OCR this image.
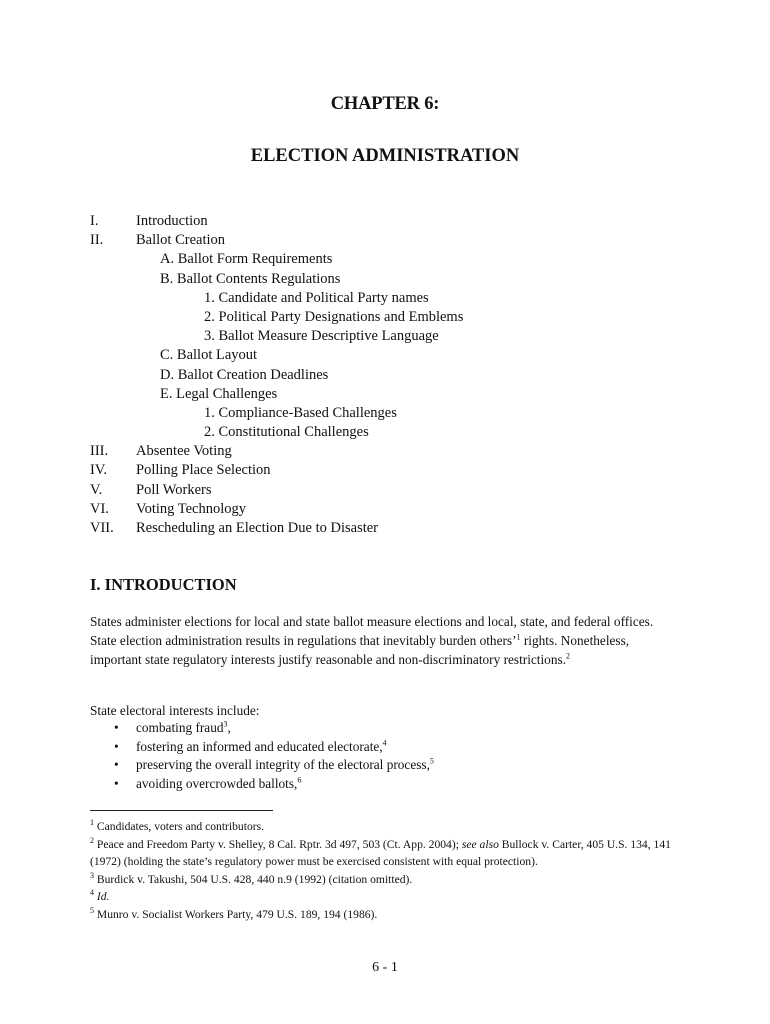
CHAPTER 6:
ELECTION ADMINISTRATION
I.	Introduction
II. Ballot Creation
A. Ballot Form Requirements
B. Ballot Contents Regulations
1. Candidate and Political Party names
2. Political Party Designations and Emblems
3. Ballot Measure Descriptive Language
C. Ballot Layout
D. Ballot Creation Deadlines
E. Legal Challenges
1. Compliance-Based Challenges
2. Constitutional Challenges
III. Absentee Voting
IV. Polling Place Selection
V. Poll Workers
VI. Voting Technology
VII. Rescheduling an Election Due to Disaster
I. INTRODUCTION

States administer elections for local and state ballot measure elections and local, state, and federal offices. State election administration results in regulations that inevitably burden others’$^1$ rights. Nonetheless, important state regulatory interests justify reasonable and non-discriminatory restrictions.$^2$

State electoral interests include:
• combating fraud$^3$,
• fostering an informed and educated electorate,$^4$
• preserving the overall integrity of the electoral process,$^5$
• avoiding overcrowded ballots,$^6$

$^1$ Candidates, voters and contributors.

$^2$ Peace and Freedom Party v. Shelley, 8 Cal. Rptr. 3d 497, 503 (Ct. App. 2004); see also Bullock v. Carter, 405 U.S. 134, 141 (1972) (holding the state’s regulatory power must be exercised consistent with equal protection).

$^3$ Burdick v. Takushi, 504 U.S. 428, 440 n.9 (1992) (citation omitted).

$^4$ Id.

$^5$ Munro v. Socialist Workers Party, 479 U.S. 189, 194 (1986).

6 - 1
